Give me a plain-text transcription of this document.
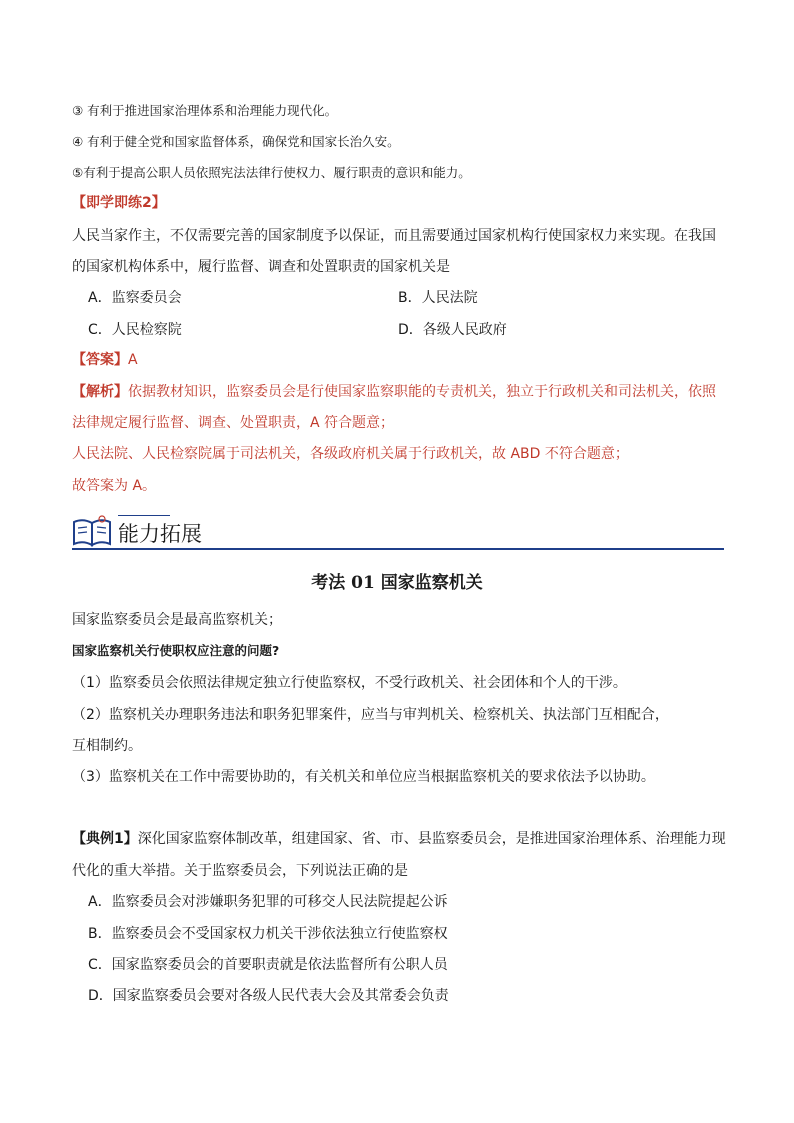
③ 有利于推进国家治理体系和治理能力现代化。
④ 有利于健全党和国家监督体系，确保党和国家长治久安。
⑤有利于提高公职人员依照宪法法律行使权力、履行职责的意识和能力。
【即学即练2】
人民当家作主，不仅需要完善的国家制度予以保证，而且需要通过国家机构行使国家权力来实现。在我国
的国家机构体系中，履行监督、调查和处置职责的国家机关是
A．监察委员会	B．人民法院
C．人民检察院	D．各级人民政府
【答案】A
【解析】依据教材知识，监察委员会是行使国家监察职能的专责机关，独立于行政机关和司法机关，依照
法律规定履行监督、调查、处置职责，A 符合题意；
人民法院、人民检察院属于司法机关，各级政府机关属于行政机关，故 ABD 不符合题意；
故答案为 A。
能力拓展
考法 01 国家监察机关
国家监察委员会是最高监察机关；
国家监察机关行使职权应注意的问题?
（1）监察委员会依照法律规定独立行使监察权，不受行政机关、社会团体和个人的干涉。
（2）监察机关办理职务违法和职务犯罪案件，应当与审判机关、检察机关、执法部门互相配合，
互相制约。
（3）监察机关在工作中需要协助的，有关机关和单位应当根据监察机关的要求依法予以协助。
【典例1】深化国家监察体制改革，组建国家、省、市、县监察委员会，是推进国家治理体系、治理能力现
代化的重大举措。关于监察委员会，下列说法正确的是
A．监察委员会对涉嫌职务犯罪的可移交人民法院提起公诉
B．监察委员会不受国家权力机关干涉依法独立行使监察权
C．国家监察委员会的首要职责就是依法监督所有公职人员
D．国家监察委员会要对各级人民代表大会及其常委会负责
